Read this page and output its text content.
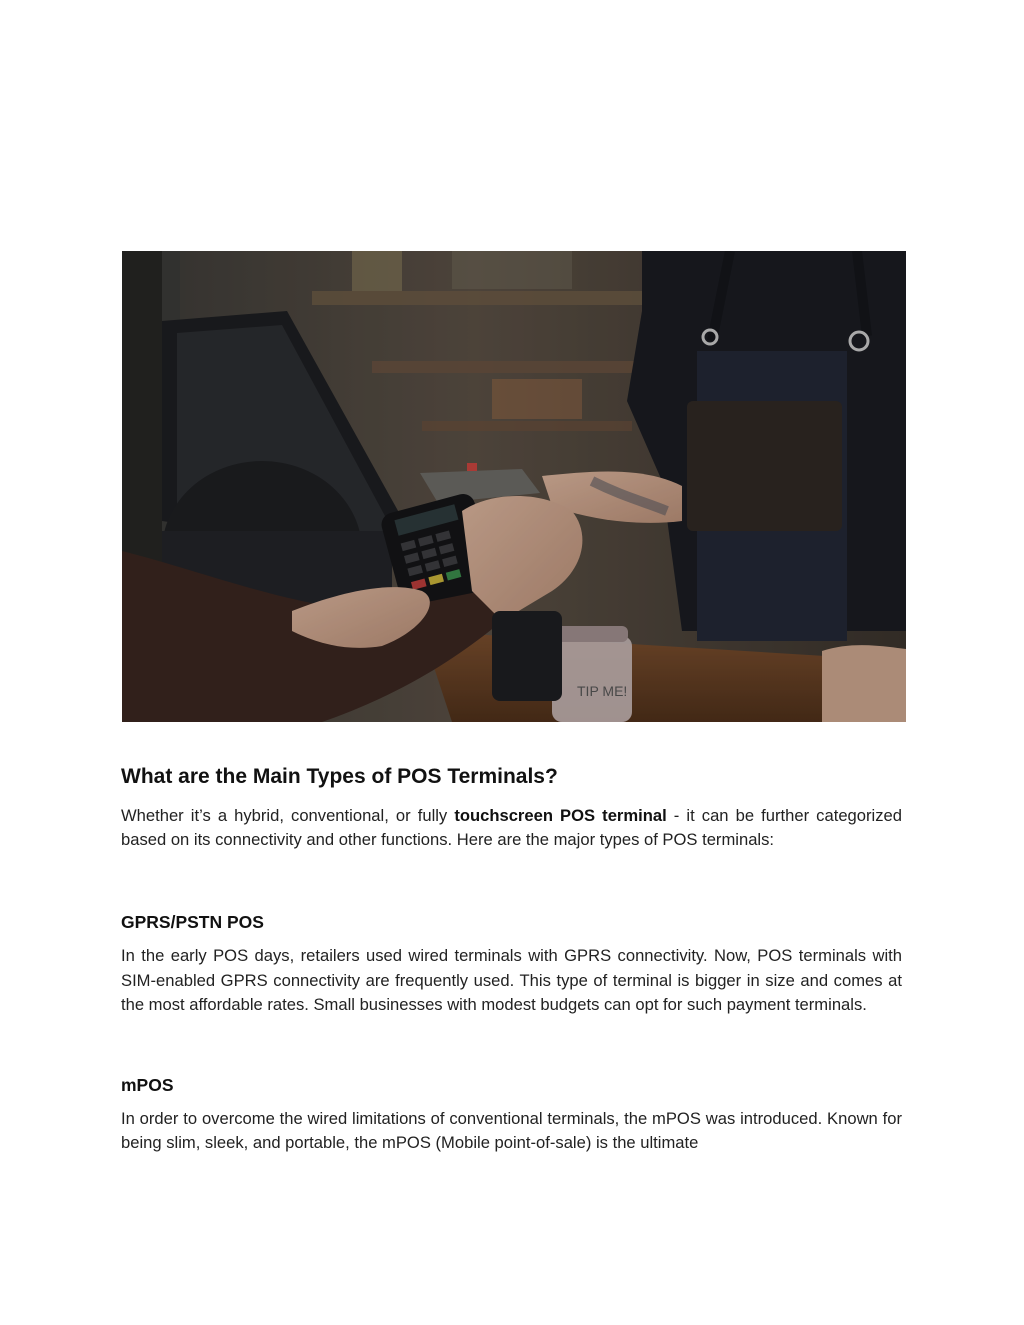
TIP ME!
What are the Main Types of POS Terminals?

Whether it’s a hybrid, conventional, or fully touchscreen POS terminal - it can be further categorized based on its connectivity and other functions. Here are the major types of POS terminals:

GPRS/PSTN POS

In the early POS days, retailers used wired terminals with GPRS connectivity. Now, POS terminals with SIM-enabled GPRS connectivity are frequently used. This type of terminal is bigger in size and comes at the most affordable rates. Small businesses with modest budgets can opt for such payment terminals.

mPOS

In order to overcome the wired limitations of conventional terminals, the mPOS was introduced. Known for being slim, sleek, and portable, the mPOS (Mobile point-of-sale) is the ultimate
